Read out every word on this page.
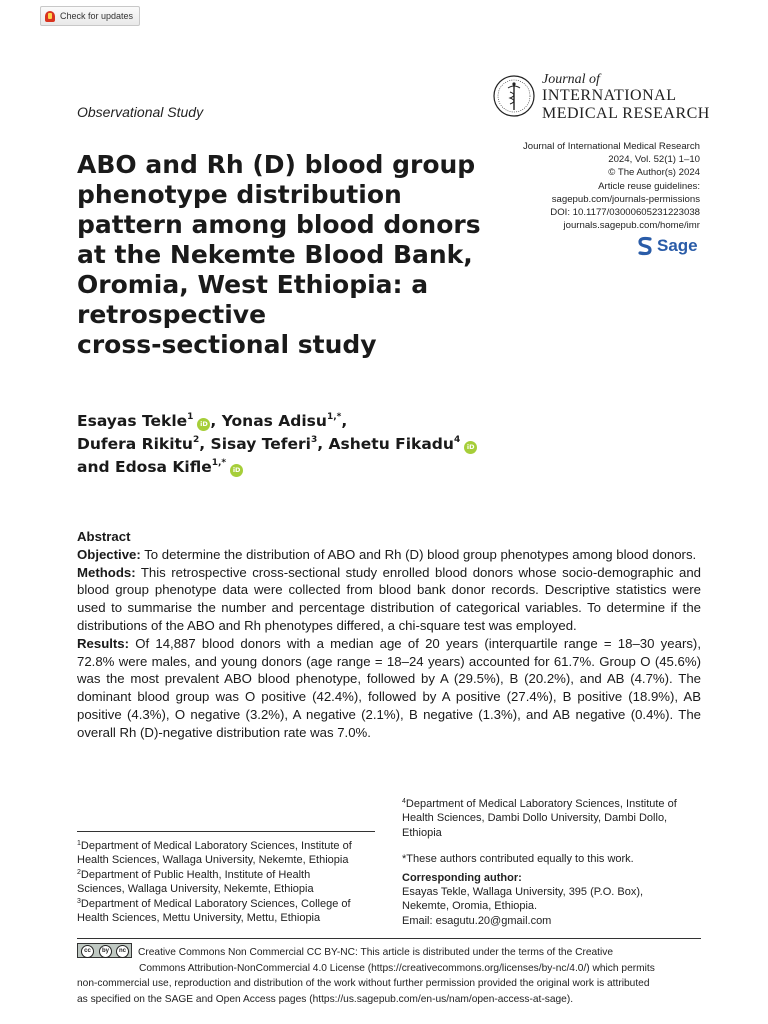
Check for updates
Journal of
INTERNATIONAL
MEDICAL RESEARCH
Observational Study
ABO and Rh (D) blood group
phenotype distribution
pattern among blood donors
at the Nekemte Blood Bank,
Oromia, West Ethiopia: a
retrospective
cross-sectional study
Journal of International Medical Research
2024, Vol. 52(1) 1–10
© The Author(s) 2024
Article reuse guidelines:
sagepub.com/journals-permissions
DOI: 10.1177/03000605231223038
journals.sagepub.com/home/imr
Sage
Esayas Tekle$^1$iD , Yonas Adisu$^{1,*}$,
Dufera Rikitu$^2$, Sisay Teferi$^3$, Ashetu Fikadu$^4$iD
and Edosa Kifle$^{1,*}$iD
Abstract

Objective: To determine the distribution of ABO and Rh (D) blood group phenotypes among blood donors.

Methods: This retrospective cross-sectional study enrolled blood donors whose socio-demographic and blood group phenotype data were collected from blood bank donor records. Descriptive statistics were used to summarise the number and percentage distribution of categorical variables. To determine if the distributions of the ABO and Rh phenotypes differed, a chi-square test was employed.

Results: Of 14,887 blood donors with a median age of 20 years (interquartile range = 18–30 years), 72.8% were males, and young donors (age range = 18–24 years) accounted for 61.7%. Group O (45.6%) was the most prevalent ABO blood phenotype, followed by A (29.5%), B (20.2%), and AB (4.7%). The dominant blood group was O positive (42.4%), followed by A positive (27.4%), B positive (18.9%), AB positive (4.3%), O negative (3.2%), A negative (2.1%), B negative (1.3%), and AB negative (0.4%). The overall Rh (D)-negative distribution rate was 7.0%.

$^1$Department of Medical Laboratory Sciences, Institute of
Health Sciences, Wallaga University, Nekemte, Ethiopia
$^2$Department of Public Health, Institute of Health
Sciences, Wallaga University, Nekemte, Ethiopia
$^3$Department of Medical Laboratory Sciences, College of
Health Sciences, Mettu University, Mettu, Ethiopia
$^4$Department of Medical Laboratory Sciences, Institute of
Health Sciences, Dambi Dollo University, Dambi Dollo,
Ethiopia
*These authors contributed equally to this work.
Corresponding author:
Esayas Tekle, Wallaga University, 395 (P.O. Box),
Nekemte, Oromia, Ethiopia.
Email: esagutu.20@gmail.com
cc	by	nc Creative Commons Non Commercial CC BY-NC: This article is distributed under the terms of the Creative
Commons Attribution-NonCommercial 4.0 License (https://creativecommons.org/licenses/by-nc/4.0/) which permits
non-commercial use, reproduction and distribution of the work without further permission provided the original work is attributed
as specified on the SAGE and Open Access pages (https://us.sagepub.com/en-us/nam/open-access-at-sage).
